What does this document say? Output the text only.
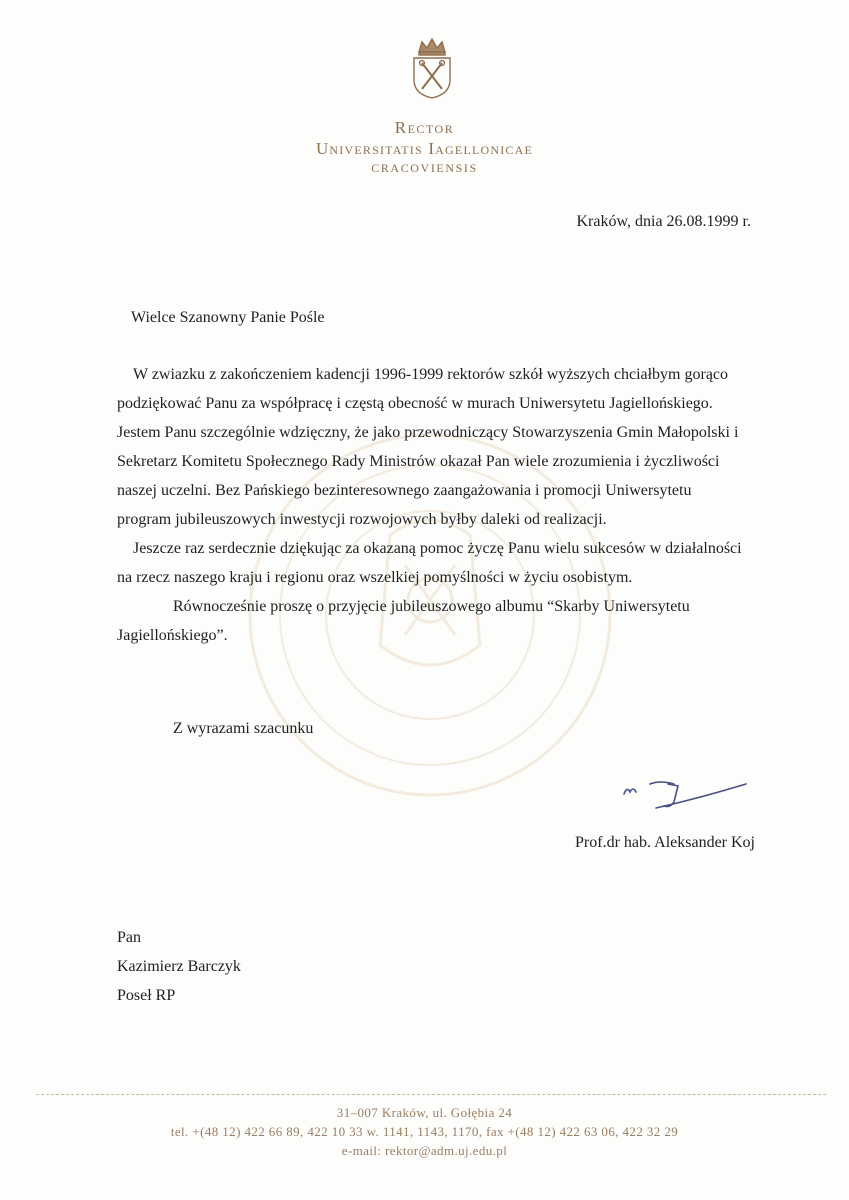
Rector
Universitatis Iagellonicae
CRACOVIENSIS
Kraków, dnia 26.08.1999 r.
Wielce Szanowny Panie Pośle

W zwiazku z zakończeniem kadencji 1996-1999 rektorów szkół wyższych chciałbym gorąco podziękować Panu za współpracę i częstą obecność w murach Uniwersytetu Jagiellońskiego. Jestem Panu szczególnie wdzięczny, że jako przewodniczący Stowarzyszenia Gmin Małopolski i Sekretarz Komitetu Społecznego Rady Ministrów okazał Pan wiele zrozumienia i życzliwości naszej uczelni. Bez Pańskiego bezinteresownego zaangażowania i promocji Uniwersytetu program jubileuszowych inwestycji rozwojowych byłby daleki od realizacji.

Jeszcze raz serdecznie dziękując za okazaną pomoc życzę Panu wielu sukcesów w działalności na rzecz naszego kraju i regionu oraz wszelkiej pomyślności w życiu osobistym.

Równocześnie proszę o przyjęcie jubileuszowego albumu “Skarby Uniwersytetu Jagiellońskiego”.

Z wyrazami szacunku
Prof.dr hab. Aleksander Koj
Pan
Kazimierz Barczyk
Poseł RP
31–007 Kraków, ul. Gołębia 24
tel. +(48 12) 422 66 89, 422 10 33 w. 1141, 1143, 1170, fax +(48 12) 422 63 06, 422 32 29
e-mail: rektor@adm.uj.edu.pl
